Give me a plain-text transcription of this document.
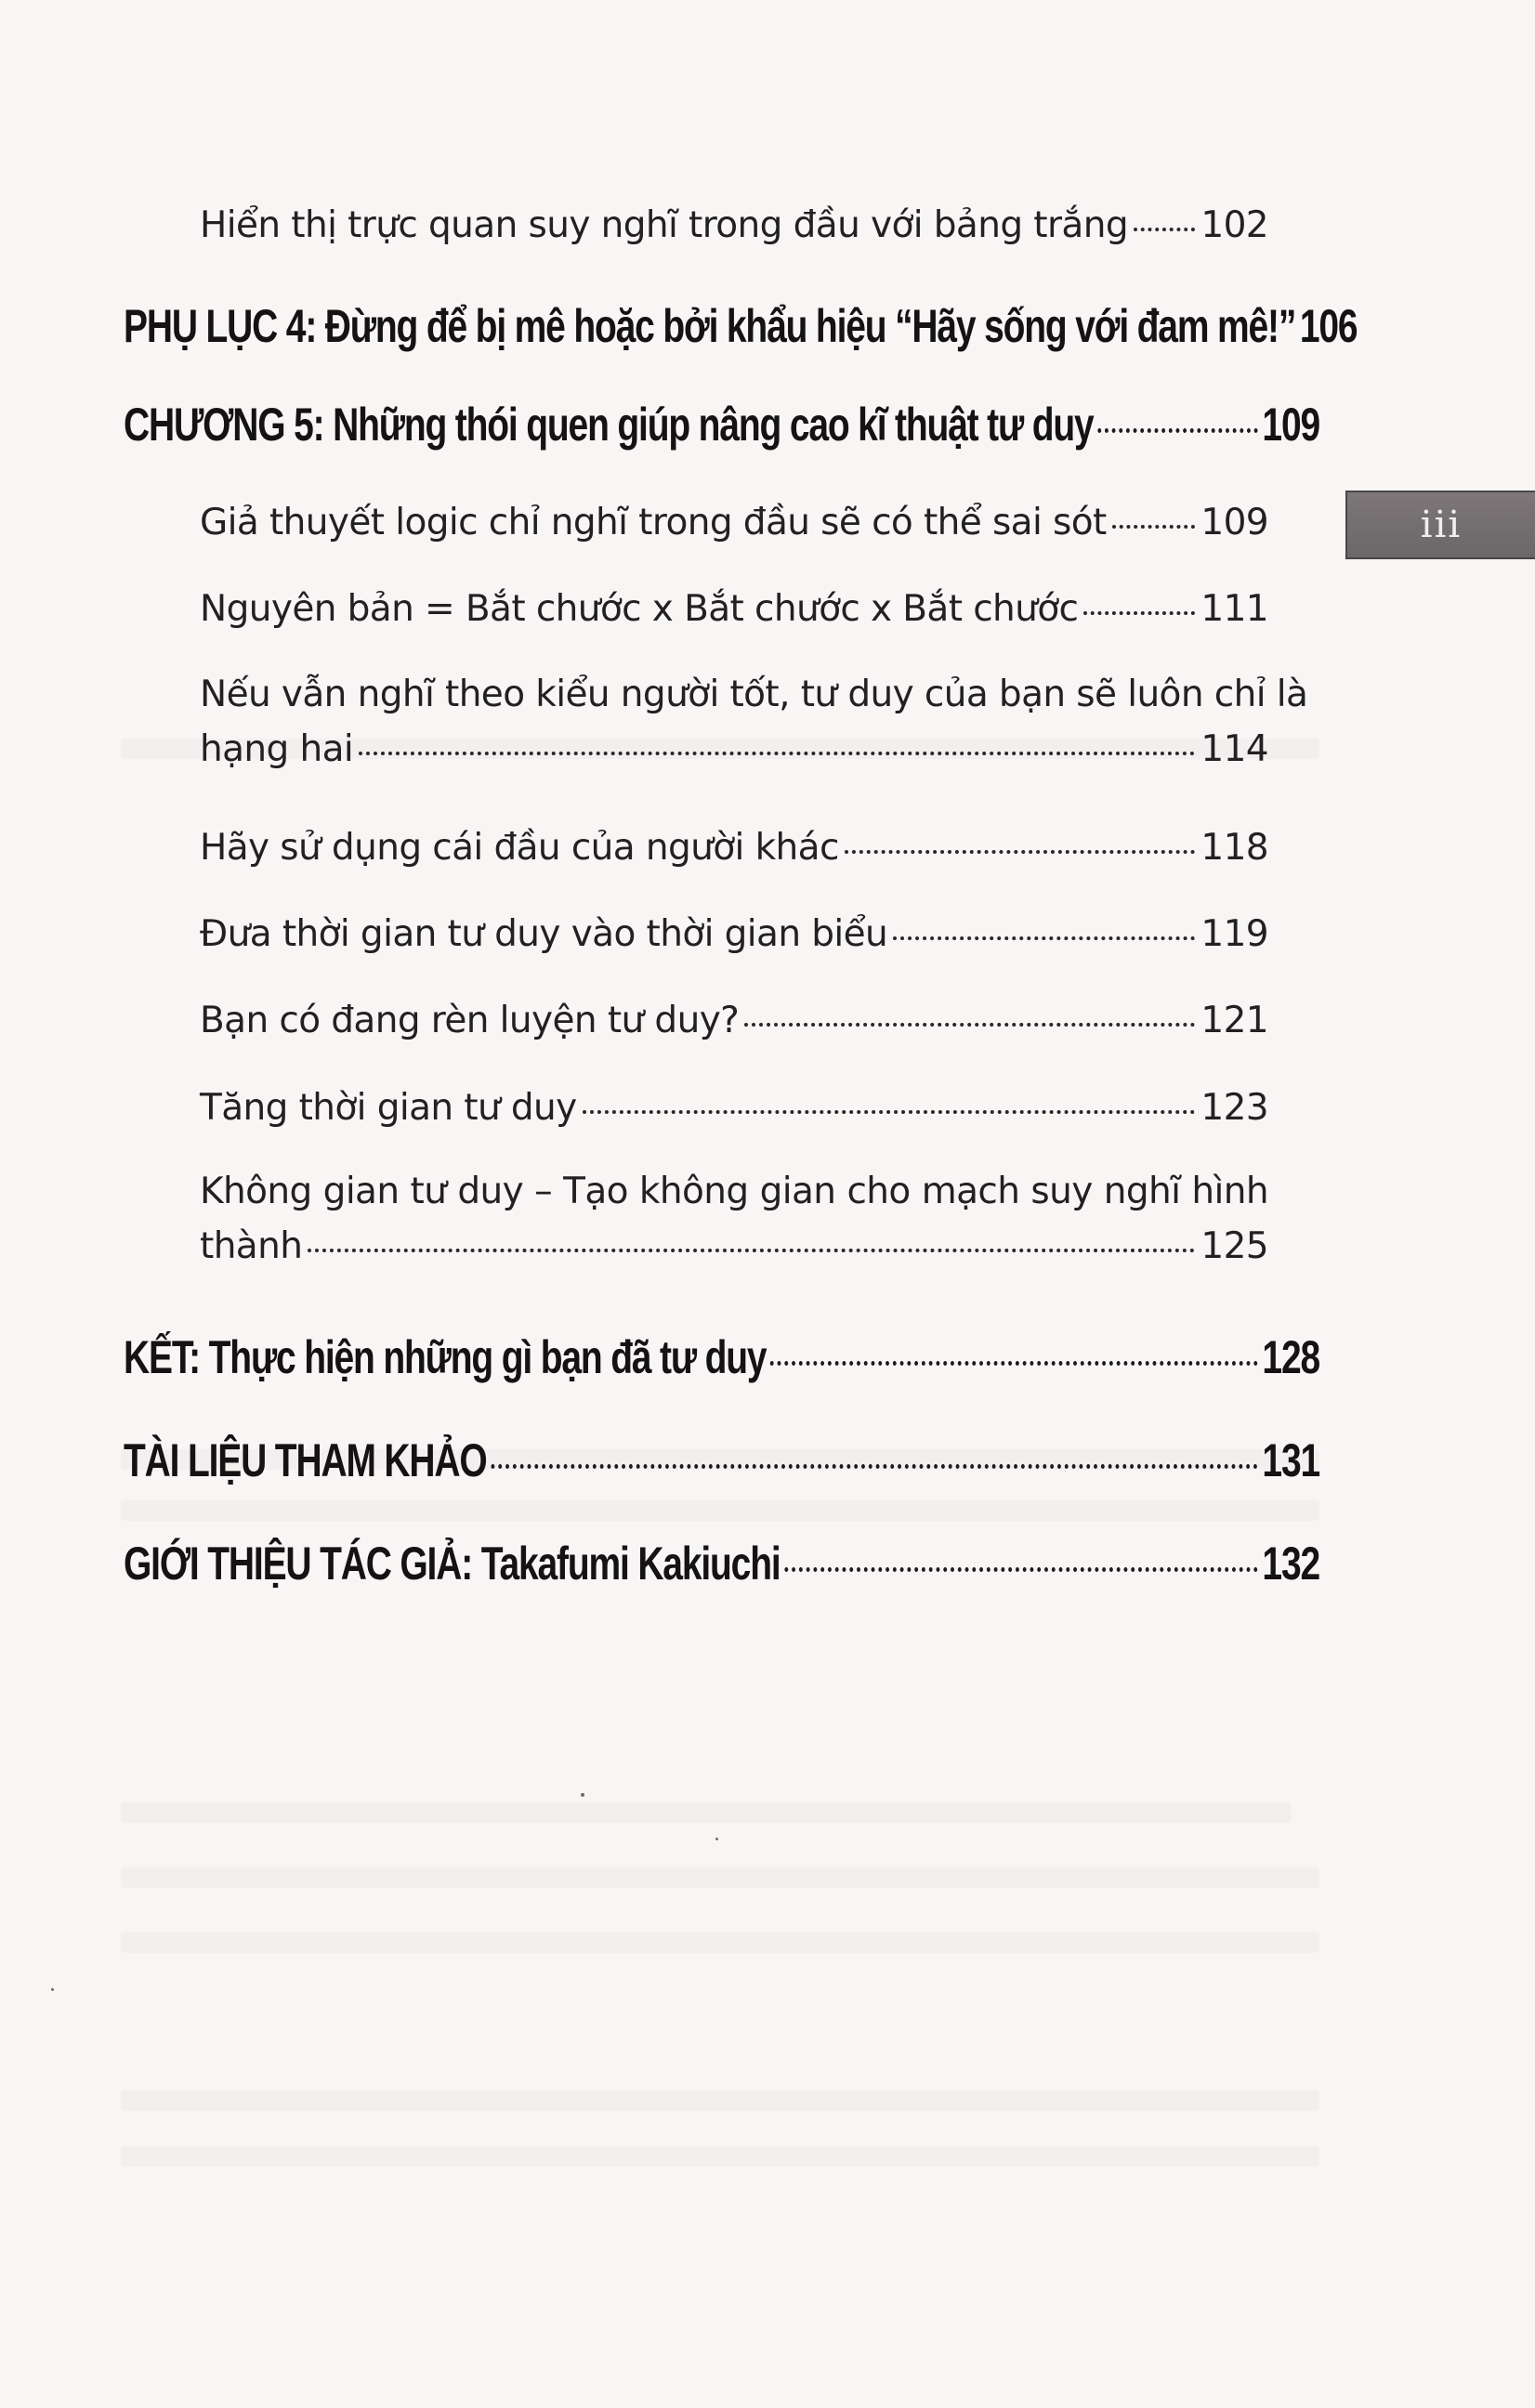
Hiển thị trực quan suy nghĩ trong đầu với bảng trắng 102
PHỤ LỤC 4: Đừng để bị mê hoặc bởi khẩu hiệu “Hãy sống với đam mê!” 106
CHƯƠNG 5: Những thói quen giúp nâng cao kĩ thuật tư duy	109
Giả thuyết logic chỉ nghĩ trong đầu sẽ có thể sai sót	109
Nguyên bản = Bắt chước x Bắt chước x Bắt chước	111
Nếu vẫn nghĩ theo kiểu người tốt, tư duy của bạn sẽ luôn chỉ là
hạng hai	114
Hãy sử dụng cái đầu của người khác	118
Đưa thời gian tư duy vào thời gian biểu	119
Bạn có đang rèn luyện tư duy?	121
Tăng thời gian tư duy	123
Không gian tư duy – Tạo không gian cho mạch suy nghĩ hình
thành	125
KẾT: Thực hiện những gì bạn đã tư duy	128
TÀI LIỆU THAM KHẢO	131
GIỚI THIỆU TÁC GIẢ: Takafumi Kakiuchi	132
iii
